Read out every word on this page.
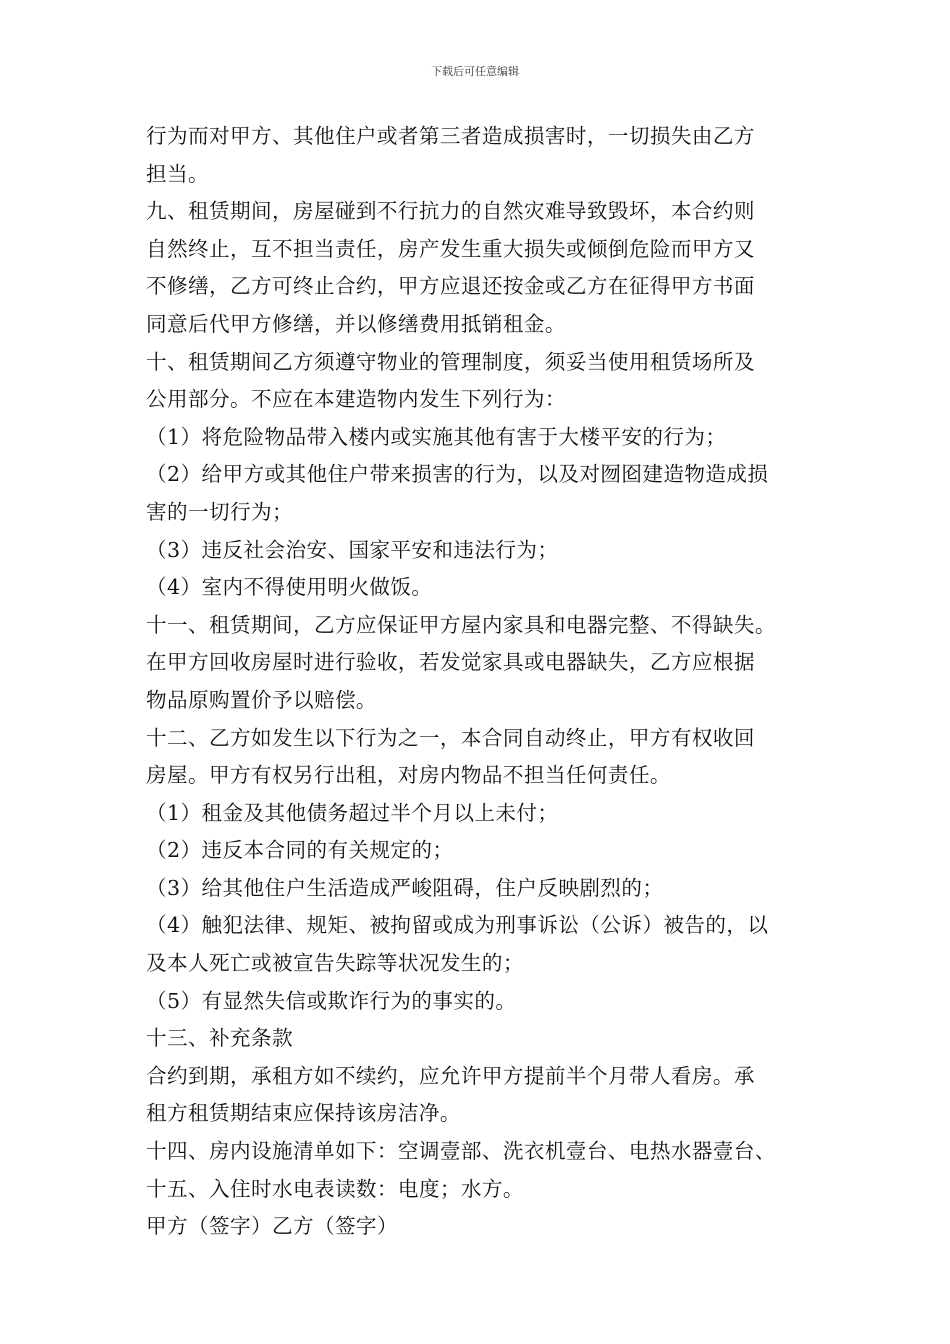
下载后可任意编辑
行为而对甲方、其他住户或者第三者造成损害时，一切损失由乙方
担当。
九、租赁期间，房屋碰到不行抗力的自然灾难导致毁坏，本合约则
自然终止，互不担当责任，房产发生重大损失或倾倒危险而甲方又
不修缮，乙方可终止合约，甲方应退还按金或乙方在征得甲方书面
同意后代甲方修缮，并以修缮费用抵销租金。
十、租赁期间乙方须遵守物业的管理制度，须妥当使用租赁场所及
公用部分。不应在本建造物内发生下列行为：
（1）将危险物品带入楼内或实施其他有害于大楼平安的行为；
（2）给甲方或其他住户带来损害的行为，以及对囫囵建造物造成损
害的一切行为；
（3）违反社会治安、国家平安和违法行为；
（4）室内不得使用明火做饭。
十一、租赁期间，乙方应保证甲方屋内家具和电器完整、不得缺失。
在甲方回收房屋时进行验收，若发觉家具或电器缺失，乙方应根据
物品原购置价予以赔偿。
十二、乙方如发生以下行为之一，本合同自动终止，甲方有权收回
房屋。甲方有权另行出租，对房内物品不担当任何责任。
（1）租金及其他债务超过半个月以上未付；
（2）违反本合同的有关规定的；
（3）给其他住户生活造成严峻阻碍，住户反映剧烈的；
（4）触犯法律、规矩、被拘留或成为刑事诉讼（公诉）被告的，以
及本人死亡或被宣告失踪等状况发生的；
（5）有显然失信或欺诈行为的事实的。
十三、补充条款
合约到期，承租方如不续约，应允许甲方提前半个月带人看房。承
租方租赁期结束应保持该房洁净。
十四、房内设施清单如下：空调壹部、洗衣机壹台、电热水器壹台、
十五、入住时水电表读数：电度；水方。
甲方（签字）乙方（签字）
